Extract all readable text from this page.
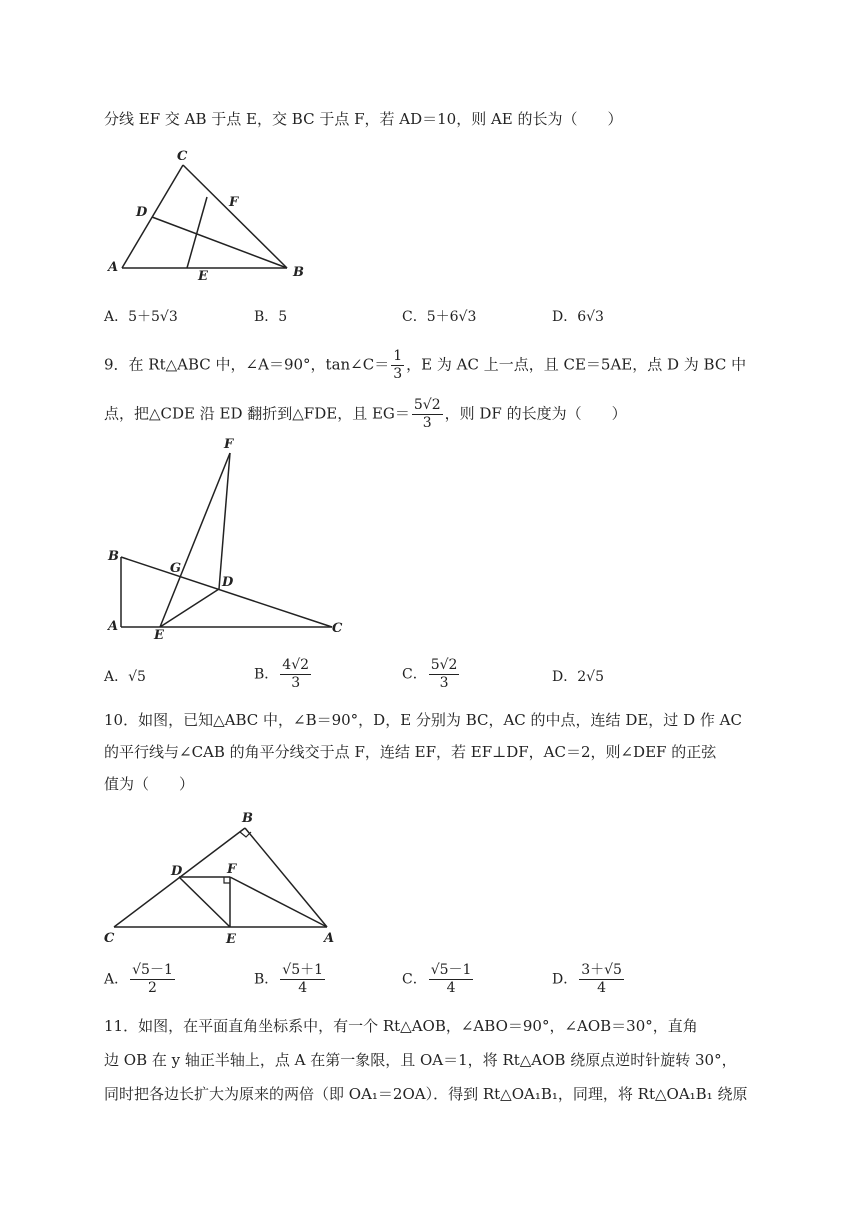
分线 EF 交 AB 于点 E，交 BC 于点 F，若 AD＝10，则 AE 的长为（　　）
C
D
F
A
E	B
A．5＋5√3	B．5	C．5＋6√3	D．6√3
9．在 Rt△ABC 中，∠A＝90°，tan∠C＝ $\frac{1}{3}$ ，E 为 AC 上一点，且 CE＝5AE，点 D 为 BC 中
点，把△CDE 沿 ED 翻折到△FDE，且 $EG= \frac{5√2}{3}$ ，则 DF 的长度为（　　）
F
B
G
D
A
E	C
A．√5	B． $\frac{4√2}{3}$	C． $\frac{5√2}{3}$	D．2√5
10．如图，已知△ABC 中，∠B＝90°，D，E 分别为 BC，AC 的中点，连结 DE，过 D 作 AC
的平行线与∠CAB 的角平分线交于点 F，连结 EF，若 EF⊥DF，AC＝2，则∠DEF 的正弦
值为（　　）
B
D	F
C	E	A
A． $\frac{√5-1}{2}$	B． $\frac{√5+1}{4}$	C． $\frac{√5-1}{4}$	D． $\frac{3+√5}{4}$
11．如图，在平面直角坐标系中，有一个 Rt△AOB，∠ABO＝90°，∠AOB＝30°，直角
边 OB 在 y 轴正半轴上，点 A 在第一象限，且 OA＝1，将 Rt△AOB 绕原点逆时针旋转 30°，
同时把各边长扩大为原来的两倍（即 OA₁＝2OA）．得到 Rt△OA₁B₁，同理，将 Rt△OA₁B₁ 绕原
